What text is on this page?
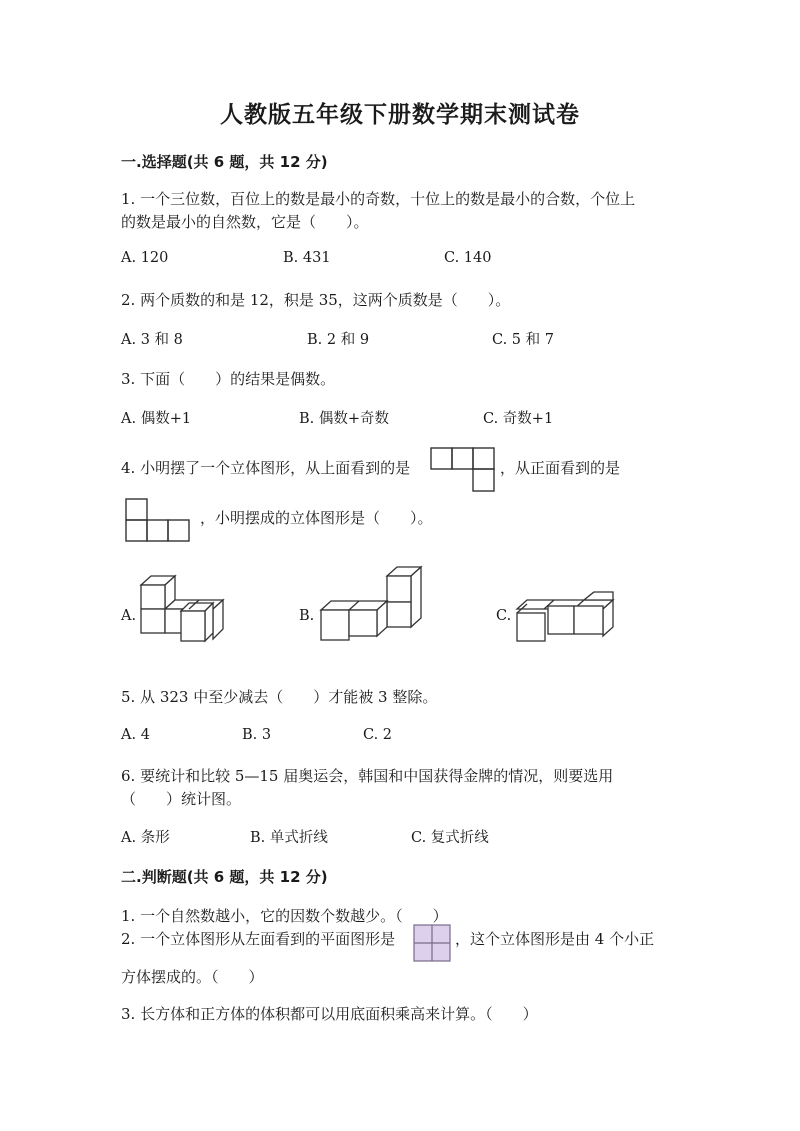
人教版五年级下册数学期末测试卷
一.选择题(共 6 题，共 12 分)
1. 一个三位数，百位上的数是最小的奇数，十位上的数是最小的合数，个位上
的数是最小的自然数，它是（　　）。
A. 120	B. 431	C. 140
2. 两个质数的和是 12，积是 35，这两个质数是（　　）。
A. 3 和 8	B. 2 和 9	C. 5 和 7
3. 下面（　　）的结果是偶数。
A. 偶数+1	B. 偶数+奇数	C. 奇数+1
4. 小明摆了一个立体图形，从上面看到的是	，从正面看到的是
，小明摆成的立体图形是（　　）。
A.	B.	C.
5. 从 323 中至少减去（　　）才能被 3 整除。
A. 4	B. 3	C. 2
6. 要统计和比较 5—15 届奥运会，韩国和中国获得金牌的情况，则要选用
（　　）统计图。
A. 条形	B. 单式折线	C. 复式折线
二.判断题(共 6 题，共 12 分)
1. 一个自然数越小，它的因数个数越少。（　　）
2. 一个立体图形从左面看到的平面图形是	，这个立体图形是由 4 个小正
方体摆成的。（　　）
3. 长方体和正方体的体积都可以用底面积乘高来计算。（　　）
